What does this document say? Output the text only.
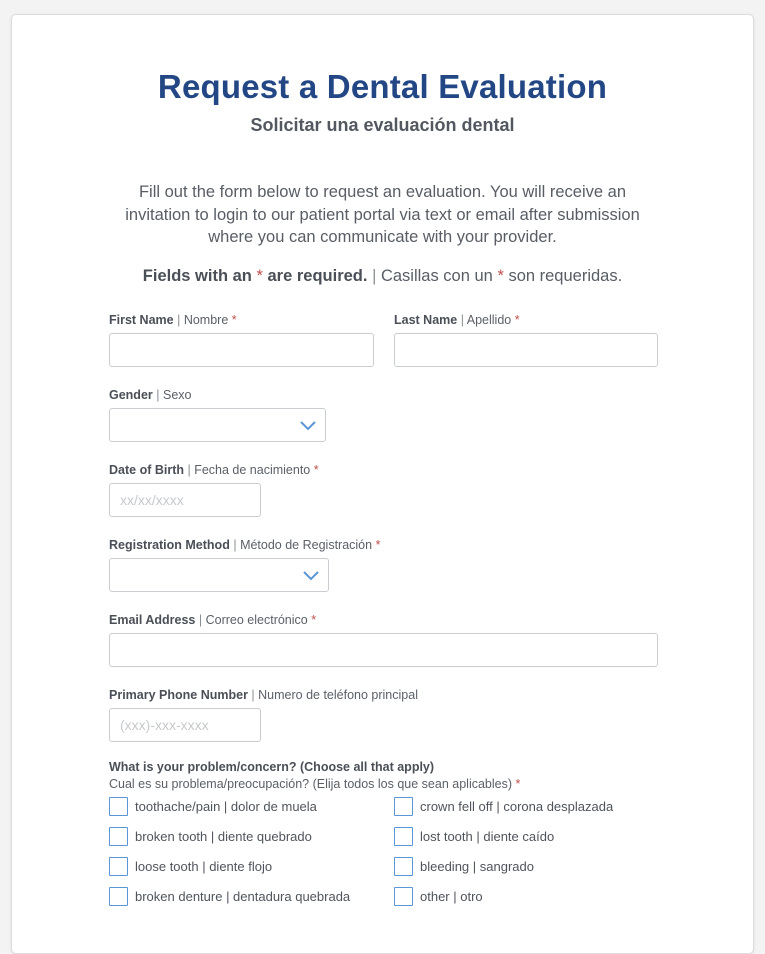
Request a Dental Evaluation
Solicitar una evaluación dental
Fill out the form below to request an evaluation. You will receive an
invitation to login to our patient portal via text or email after submission
where you can communicate with your provider.
Fields with an * are required. | Casillas con un * son requeridas.
First Name | Nombre *	Last Name | Apellido *
Gender | Sexo
Date of Birth | Fecha de nacimiento *
xx/xx/xxxx
Registration Method | Método de Registración *
Email Address | Correo electrónico *
Primary Phone Number | Numero de teléfono principal
(xxx)-xxx-xxxx
What is your problem/concern? (Choose all that apply)
Cual es su problema/preocupación? (Elija todos los que sean aplicables) *
toothache/pain | dolor de muela	crown fell off | corona desplazada
broken tooth | diente quebrado	lost tooth | diente caído
loose tooth | diente flojo	bleeding | sangrado
broken denture | dentadura quebrada	other | otro
